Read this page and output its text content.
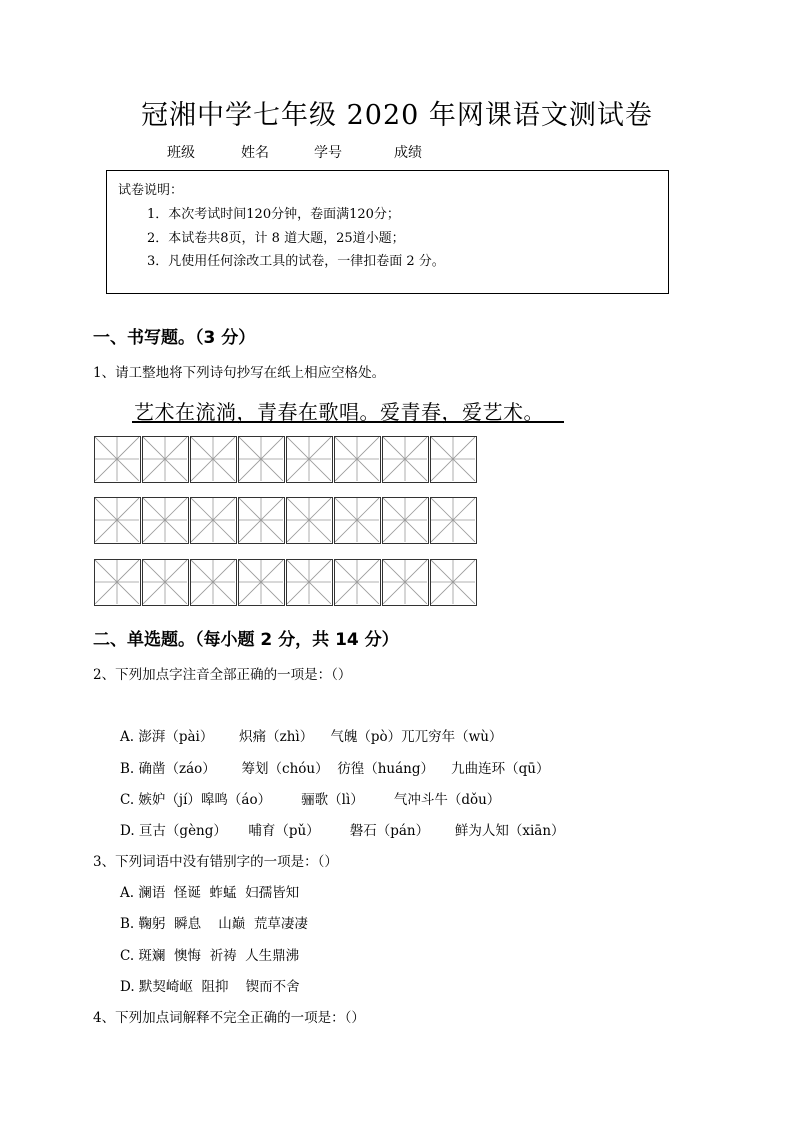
冠湘中学七年级 2020 年网课语文测试卷
班级	姓名	学号	成绩
试卷说明：
1．本次考试时间120分钟，卷面满120分；
2．本试卷共8页，计 8 道大题，25道小题；
3．凡使用任何涂改工具的试卷，一律扣卷面 2 分。
一、书写题。（3 分）
1、请工整地将下列诗句抄写在纸上相应空格处。
艺术在流淌，青春在歌唱。爱青春，爱艺术。
二、单选题。（每小题 2 分，共 14 分）
2、下列加点字注音全部正确的一项是：（）
A. 澎湃（pài）      炽痛（zhì）    气魄（pò）兀兀穷年（wù）
B. 确凿（záo）      筹划（chóu）  彷徨（huáng）    九曲连环（qū）
C. 嫉妒（jí）嗥鸣（áo）       骊歌（lì）       气冲斗牛（dǒu）
D. 亘古（gèng）     哺育（pǔ）       磐石（pán）      鲜为人知（xiān）
3、下列词语中没有错别字的一项是：（）
A. 澜语  怪诞  蚱蜢  妇孺皆知
B. 鞠躬  瞬息    山巅  荒草凄凄
C. 斑斓  懊悔  祈祷  人生鼎沸
D. 默契崎岖  阻抑    锲而不舍
4、下列加点词解释不完全正确的一项是：（）
